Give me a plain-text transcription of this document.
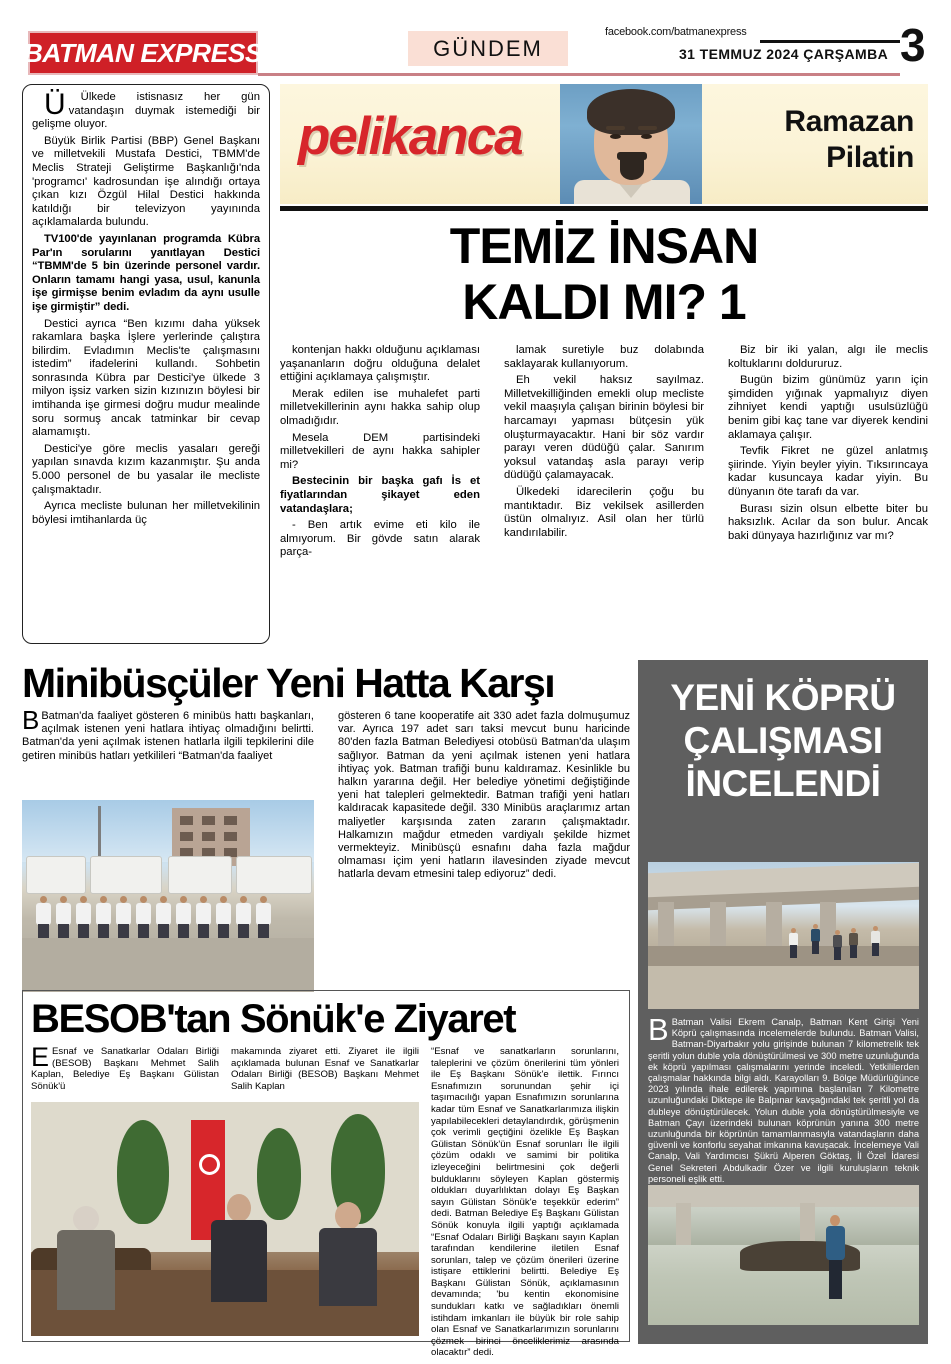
BATMAN EXPRESS	GÜNDEM
facebook.com/batmanexpress
31 TEMMUZ 2024 ÇARŞAMBA 3

Ü Ülkede istisnasız her gün vatandaşın duymak istemediği bir gelişme oluyor.

Büyük Birlik Partisi (BBP) Genel Başkanı ve milletvekili Mustafa Destici, TBMM'de Meclis Strateji Geliştirme Başkanlığı'nda 'programcı' kadrosundan işe alındığı ortaya çıkan kızı Özgül Hilal Destici hakkında katıldığı bir televizyon yayınında açıklamalarda bulundu.

TV100'de yayınlanan programda Kübra Par'ın sorularını yanıtlayan Destici “TBMM'de 5 bin üzerinde personel vardır. Onların tamamı hangi yasa, usul, kanunla işe girmişse benim evladım da aynı usulle işe girmiştir” dedi.

Destici ayrıca “Ben kızımı daha yüksek rakamlara başka İşlere yerlerinde çalıştıra bilirdim. Evladımın Meclis'te çalışmasını istedim” ifadelerini kullandı. Sohbetin sonrasında Kübra par Destici'ye ülkede 3 milyon işsiz varken sizin kızınızın böylesi bir imtihanda işe girmesi doğru mudur mealinde soru sormuş ancak tatminkar bir cevap alamamıştı.

Destici'ye göre meclis yasaları gereği yapılan sınavda kızım kazanmıştır. Şu anda 5.000 personel de bu yasalar ile mecliste çalışmaktadır.

Ayrıca mecliste bulunan her milletvekilinin böylesi imtihanlarda üç

pelikanca	Ramazan
Pilatin
TEMİZ İNSAN
KALDI MI? 1

kontenjan hakkı olduğunu açıklaması yaşananların doğru olduğuna delalet ettiğini açıklamaya çalışmıştır.

Merak edilen ise muhalefet parti milletvekillerinin aynı hakka sahip olup olmadığıdır.

Mesela DEM partisindeki milletvekilleri de aynı hakka sahipler mi?

Bestecinin bir başka gafı İs et fiyatlarından şikayet eden vatandaşlara;

- Ben artık evime eti kilo ile almıyorum. Bir gövde satın alarak parça-

lamak suretiyle buz dolabında saklayarak kullanıyorum.

Eh vekil haksız sayılmaz. Milletvekilliğinden emekli olup mecliste vekil maaşıyla çalışan birinin böylesi bir harcamayı yapması bütçesin yük oluşturmayacaktır. Hani bir söz vardır parayı veren düdüğü çalar. Sanırım yoksul vatandaş asla parayı verip düdüğü çalamayacak.

Ülkedeki idarecilerin çoğu bu mantıktadır. Biz vekilsek asillerden üstün olmalıyız. Asil olan her türlü kandırılabilir.

Biz bir iki yalan, algı ile meclis koltuklarını doldururuz.

Bugün bizim günümüz yarın için şimdiden yığınak yapmalıyız diyen zihniyet kendi yaptığı usulsüzlüğü benim gibi kaç tane var diyerek kendini aklamaya çalışır.

Tevfik Fikret ne güzel anlatmış şiirinde. Yiyin beyler yiyin. Tıksırıncaya kadar kusuncaya kadar yiyin. Bu dünyanın öte tarafı da var.

Burası sizin olsun elbette biter bu haksızlık. Acılar da son bulur. Ancak baki dünyaya hazırlığınız var mı?

Minibüsçüler Yeni Hatta Karşı

B Batman'da faaliyet gösteren 6 minibüs hattı başkanları, açılmak istenen yeni hatlara ihtiyaç olmadığını belirtti. Batman'da yeni açılmak istenen hatlarla ilgili tepkilerini dile getiren minibüs hatları yetkilileri “Batman'da faaliyet

gösteren 6 tane kooperatife ait 330 adet fazla dolmuşumuz var. Ayrıca 197 adet sarı taksi mevcut bunu haricinde 80'den fazla Batman Belediyesi otobüsü Batman'da ulaşım sağlıyor. Batman da yeni açılmak istenen yeni hatlara ihtiyaç yok. Batman trafiği bunu kaldıramaz. Kesinlikle bu halkın yararına değil. Her belediye yönetimi değiştiğinde yeni hat talepleri gelmektedir. Batman trafiği yeni hatları kaldıracak kapasitede değil. 330 Minibüs araçlarımız artan maliyetler karşısında zaten zararın çalışmaktadır. Halkamızın mağdur etmeden vardiyalı şekilde hizmet vermekteyiz. Minibüsçü esnafını daha fazla mağdur olmaması içim yeni hatların ilavesinden ziyade mevcut hatlarla devam etmesini talep ediyoruz” dedi.

BESOB'tan Sönük'e Ziyaret

E Esnaf ve Sanatkarlar Odaları Birliği (BESOB) Başkanı Mehmet Salih Kaplan, Belediye Eş Başkanı Gülistan Sönük'ü

makamında ziyaret etti. Ziyaret ile ilgili açıklamada bulunan Esnaf ve Sanatkarlar Odaları Birliği (BESOB) Başkanı Mehmet Salih Kaplan

“Esnaf ve sanatkarların sorunlarını, taleplerini ve çözüm önerilerini tüm yönleri ile Eş Başkanı Sönük'e ilettik. Fırıncı Esnafımızın sorunundan şehir içi taşımacılığı yapan Esnafımızın sorunlarına kadar tüm Esnaf ve Sanatkarlarımıza ilişkin yapılabilecekleri detaylandırdık, görüşmenin çok verimli geçtiğini özelikle Eş Başkan Gülistan Sönük'ün Esnaf sorunları İle ilgili çözüm odaklı ve samimi bir politika izleyeceğini belirtmesini çok değerli bulduklarını söyleyen Kaplan göstermiş oldukları duyarlılıktan dolayı Eş Başkan sayın Gülistan Sönük'e teşekkür ederim” dedi. Batman Belediye Eş Başkanı Gülistan Sönük konuyla ilgili yaptığı açıklamada “Esnaf Odaları Birliği Başkanı sayın Kaplan tarafından kendilerine iletilen Esnaf sorunları, talep ve çözüm önerileri üzerine istişare ettiklerini belirtti. Belediye Eş Başkanı Gülistan Sönük, açıklamasının devamında; 'bu kentin ekonomisine sundukları katkı ve sağladıkları önemli istihdam imkanları ile büyük bir role sahip olan Esnaf ve Sanatkarlarımızın sorunlarını çözmek birinci önceliklerimiz arasında olacaktır” dedi.

YENİ KÖPRÜ
ÇALIŞMASI
İNCELENDİ

B Batman Valisi Ekrem Canalp, Batman Kent Girişi Yeni Köprü çalışmasında incelemelerde bulundu. Batman Valisi, Batman-Diyarbakır yolu girişinde bulunan 7 kilometrelik tek şeritli yolun duble yola dönüştürülmesi ve 300 metre uzunluğunda ek köprü yapılması çalışmalarını yerinde inceledi. Yetkililerden çalışmalar hakkında bilgi aldı. Karayolları 9. Bölge Müdürlüğünce 2023 yılında ihale edilerek yapımına başlanılan 7 Kilometre uzunluğundaki Diktepe ile Balpınar kavşağındaki tek şeritli yol da dubleye dönüştürülecek. Yolun duble yola dönüştürülmesiyle ve Batman Çayı üzerindeki bulunan köprünün yanına 300 metre uzunluğunda bir köprünün tamamlanmasıyla vatandaşların daha güvenli ve konforlu seyahat imkanına kavuşacak. İncelemeye Vali Canalp, Vali Yardımcısı Şükrü Alperen Göktaş, İl Özel İdaresi Genel Sekreteri Abdulkadir Özer ve ilgili kuruluşların teknik personeli eşlik etti.
